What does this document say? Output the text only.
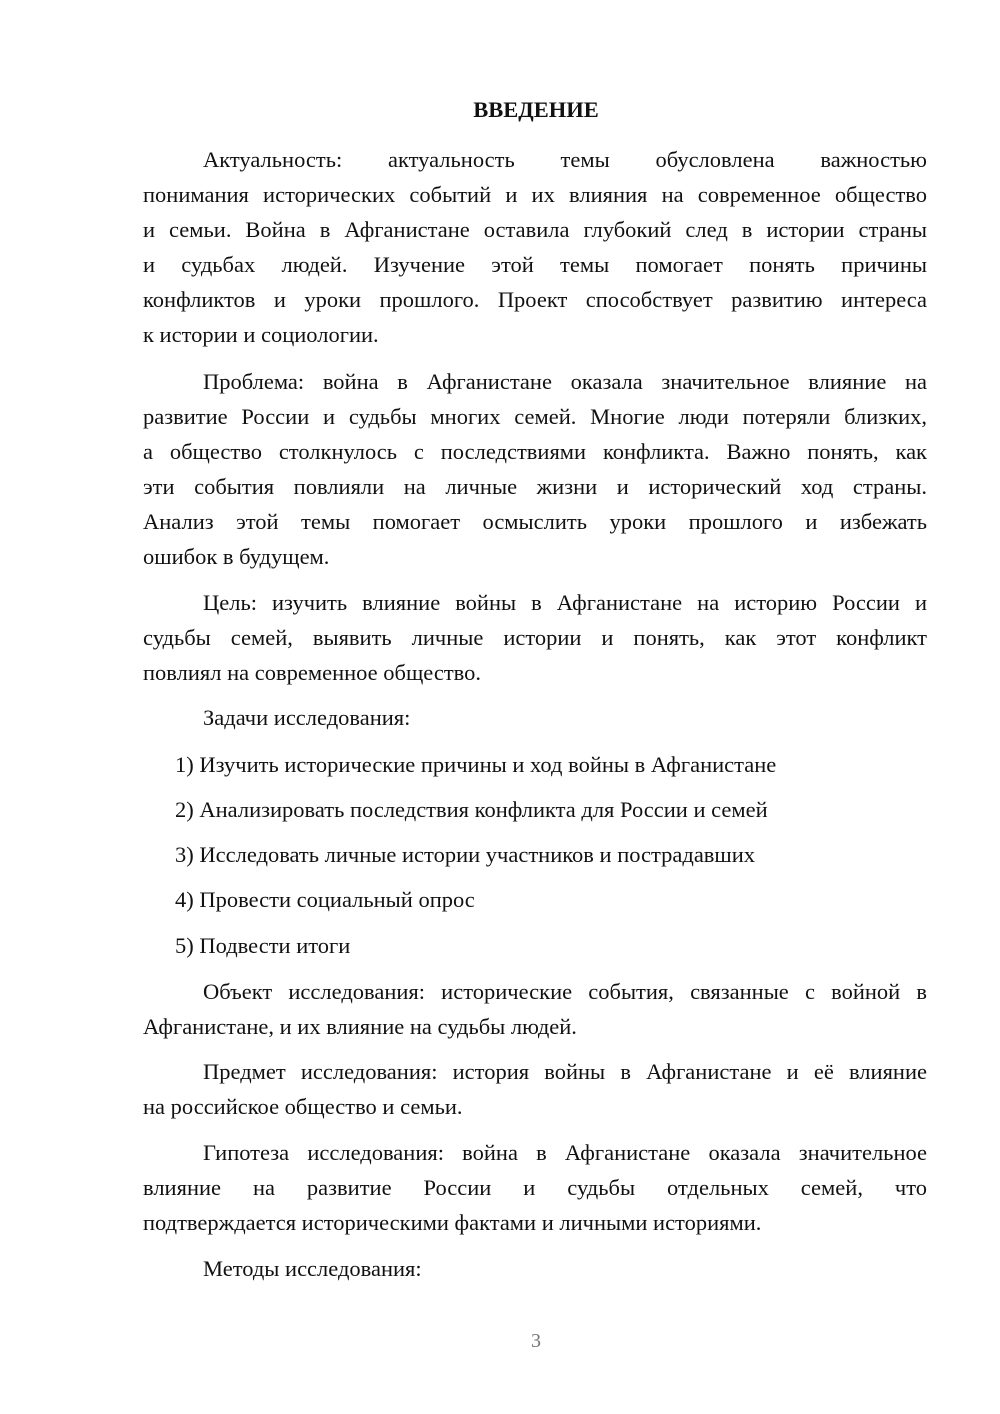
ВВЕДЕНИЕ
Актуальность: актуальность темы обусловлена важностью
понимания исторических событий и их влияния на современное общество
и семьи. Война в Афганистане оставила глубокий след в истории страны
и судьбах людей. Изучение этой темы помогает понять причины
конфликтов и уроки прошлого. Проект способствует развитию интереса
к истории и социологии.
Проблема: война в Афганистане оказала значительное влияние на
развитие России и судьбы многих семей. Многие люди потеряли близких,
а общество столкнулось с последствиями конфликта. Важно понять, как
эти события повлияли на личные жизни и исторический ход страны.
Анализ этой темы помогает осмыслить уроки прошлого и избежать
ошибок в будущем.
Цель: изучить влияние войны в Афганистане на историю России и
судьбы семей, выявить личные истории и понять, как этот конфликт
повлиял на современное общество.
Задачи исследования:
1) Изучить исторические причины и ход войны в Афганистане
2) Анализировать последствия конфликта для России и семей
3) Исследовать личные истории участников и пострадавших
4) Провести социальный опрос
5) Подвести итоги
Объект исследования: исторические события, связанные с войной в
Афганистане, и их влияние на судьбы людей.
Предмет исследования: история войны в Афганистане и её влияние
на российское общество и семьи.
Гипотеза исследования: война в Афганистане оказала значительное
влияние на развитие России и судьбы отдельных семей, что
подтверждается историческими фактами и личными историями.
Методы исследования:
3
